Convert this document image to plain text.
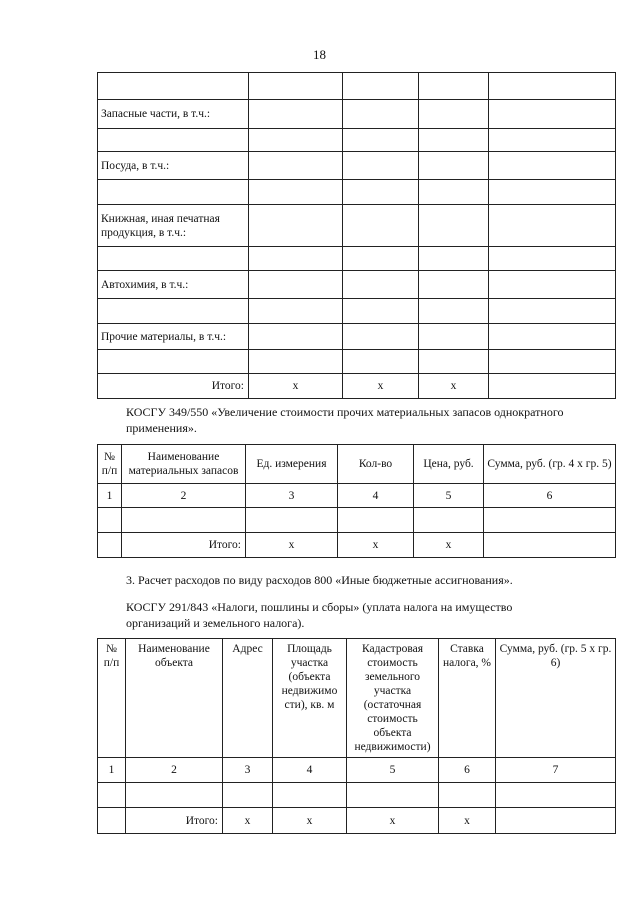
18

Запасные части, в т.ч.:				

Посуда, в т.ч.:				

Книжная, иная печатная продукция, в т.ч.:				

Автохимия, в т.ч.:				

Прочие материалы, в т.ч.:				

Итого:	х	х	х	
КОСГУ 349/550 «Увеличение стоимости прочих материальных запасов однократного применения».
№ п/п	Наименование материальных запасов	Ед. измерения	Кол-во	Цена, руб.	Сумма, руб. (гр. 4 х гр. 5)
1	2	3	4	5	6

	Итого:	х	х	х	
3. Расчет расходов по виду расходов 800 «Иные бюджетные ассигнования».
КОСГУ 291/843 «Налоги, пошлины и сборы» (уплата налога на имущество организаций и земельного налога).
№ п/п	Наименование объекта	Адрес	Площадь участка (объекта недвижимо сти), кв. м	Кадастровая стоимость земельного участка (остаточная стоимость объекта недвижимости)	Ставка налога, %	Сумма, руб. (гр. 5 х гр. 6)
1	2	3	4	5	6	7

	Итого:	х	х	х	х	
